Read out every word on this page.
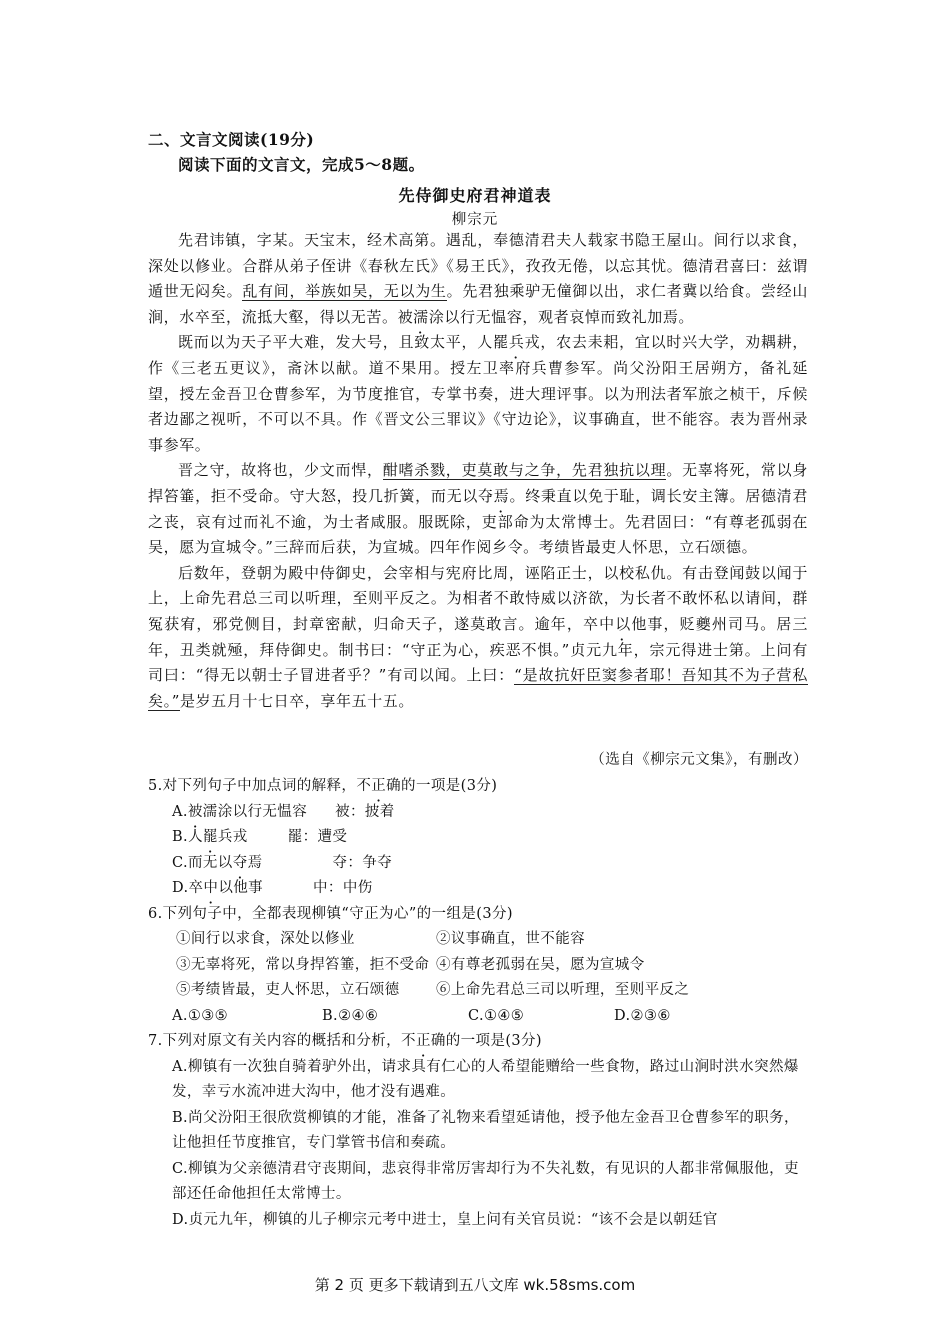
二、文言文阅读(19分)
阅读下面的文言文，完成5～8题。
先侍御史府君神道表
柳宗元

先君讳镇，字某。天宝末，经术高第。遇乱，奉德清君夫人载家书隐王屋山。间行以求食，深处以修业。合群从弟子侄讲《春秋左氏》《易王氏》，孜孜无倦，以忘其忧。德清君喜曰：兹谓遁世无闷矣。乱有间，举族如吴，无以为生。先君独乘驴无僮御以出，求仁者冀以给食。尝经山涧，水卒至，流抵大壑，得以无苦。被濡涂以行无愠容，观者哀悼而致礼加焉。

既而以为天子平大难，发大号，且致太平，人罷兵戎，农去耒耜，宜以时兴大学，劝耦耕，作《三老五更议》，斋沐以献。道不果用。授左卫率府兵曹参军。尚父汾阳王居朔方，备礼延望，授左金吾卫仓曹参军，为节度推官，专掌书奏，进大理评事。以为刑法者军旅之桢干，斥候者边鄙之视听，不可以不具。作《晋文公三罪议》《守边论》，议事确直，世不能容。表为晋州录事参军。

晋之守，故将也，少文而悍，酣嗜杀戮，吏莫敢与之争，先君独抗以理。无辜将死，常以身捍笞箠，拒不受命。守大怒，投几折簧，而无以夺焉。终秉直以免于耻，调长安主簿。居德清君之丧，哀有过而礼不逾，为士者咸服。服既除，吏部命为太常博士。先君固曰：“有尊老孤弱在吴，愿为宣城令。”三辞而后获，为宣城。四年作阅乡令。考绩皆最吏人怀思，立石颂德。

后数年，登朝为殿中侍御史，会宰相与宪府比周，诬陷正士，以校私仇。有击登闻鼓以闻于上，上命先君总三司以听理，至则平反之。为相者不敢恃威以济欲，为长者不敢怀私以请间，群冤获宥，邪党侧目，封章密献，归命天子，遂莫敢言。逾年，卒中以他事，贬夔州司马。居三年，丑类就殛，拜侍御史。制书曰：“守正为心，疾恶不惧。”贞元九年，宗元得进士第。上问有司曰：“得无以朝士子冒进者乎？”有司以闻。上曰：“是故抗奸臣窦参者耶！吾知其不为子营私矣。”是岁五月十七日卒，享年五十五。

（选自《柳宗元文集》，有删改）

5.对下列句子中加点词的解释，不正确的一项是(3分)

A.被濡涂以行无愠容 被：披着

B.人罷兵戎	罷：遭受

C.而无以夺焉	夺：争夺

D.卒中以他事	中：中伤

6.下列句子中，全都表现柳镇“守正为心”的一组是(3分)

①间行以求食，深处以修业	②议事确直，世不能容
③无辜将死，常以身捍笞箠，拒不受命 ④有尊老孤弱在吴，愿为宣城令
⑤考绩皆最，吏人怀思，立石颂德	⑥上命先君总三司以听理，至则平反之
A.①③⑤	B.②④⑥	C.①④⑤	D.②③⑥

7.下列对原文有关内容的概括和分析，不正确的一项是(3分)

A.柳镇有一次独自骑着驴外出，请求具有仁心的人希望能赠给一些食物，路过山涧时洪水突然爆发，幸亏水流冲进大沟中，他才没有遇难。

B.尚父汾阳王很欣赏柳镇的才能，准备了礼物来看望延请他，授予他左金吾卫仓曹参军的职务，让他担任节度推官，专门掌管书信和奏疏。

C.柳镇为父亲德清君守丧期间，悲哀得非常厉害却行为不失礼数，有见识的人都非常佩服他，吏部还任命他担任太常博士。

D.贞元九年，柳镇的儿子柳宗元考中进士，皇上问有关官员说：“该不会是以朝廷官

第 2 页 更多下载请到五八文库 wk.58sms.com
